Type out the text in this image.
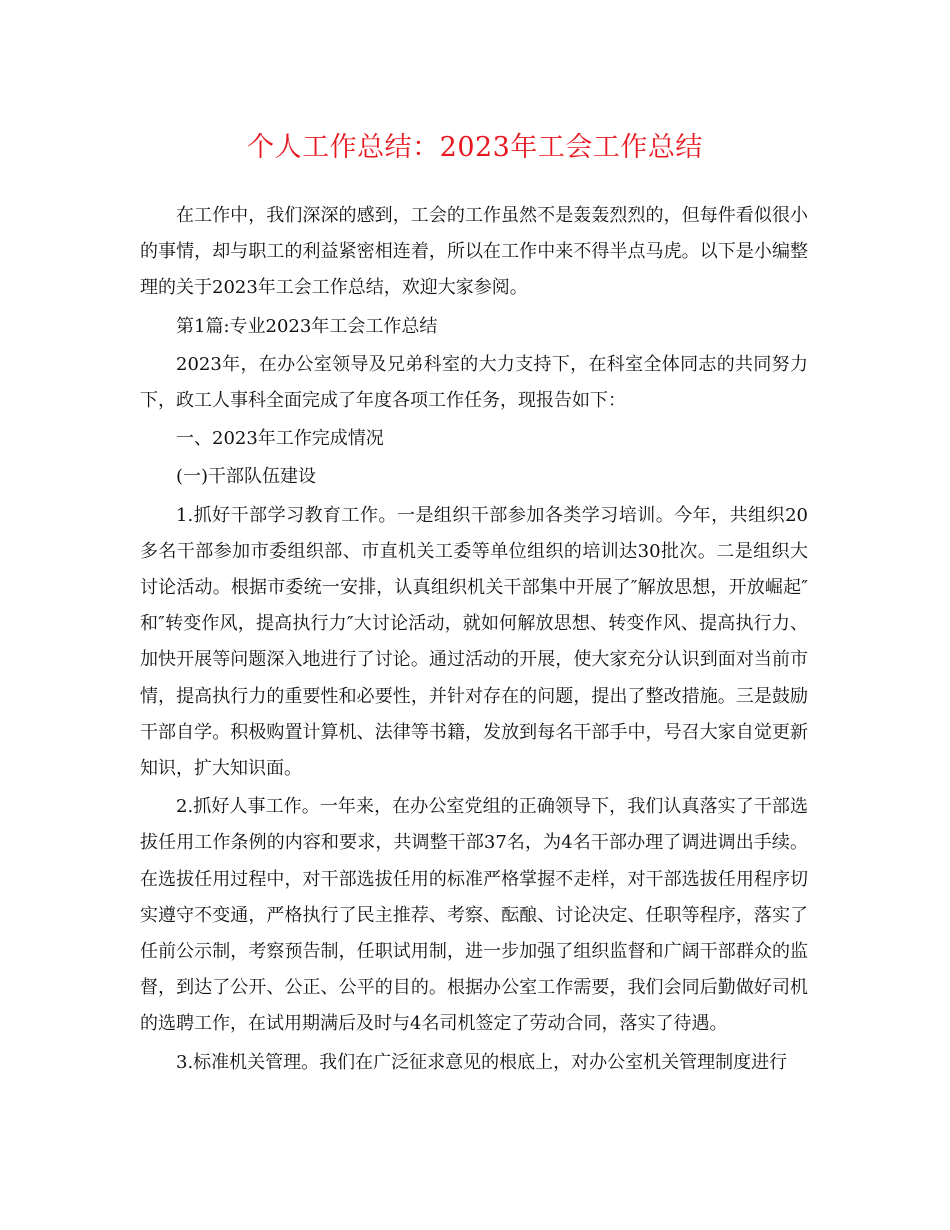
个人工作总结：2023年工会工作总结

在工作中，我们深深的感到，工会的工作虽然不是轰轰烈烈的，但每件看似很小的事情，却与职工的利益紧密相连着，所以在工作中来不得半点马虎。以下是小编整理的关于2023年工会工作总结，欢迎大家参阅。

第1篇:专业2023年工会工作总结

2023年，在办公室领导及兄弟科室的大力支持下，在科室全体同志的共同努力下，政工人事科全面完成了年度各项工作任务，现报告如下：

一、2023年工作完成情况

(一)干部队伍建设

1.抓好干部学习教育工作。一是组织干部参加各类学习培训。今年，共组织20多名干部参加市委组织部、市直机关工委等单位组织的培训达30批次。二是组织大讨论活动。根据市委统一安排，认真组织机关干部集中开展了″解放思想，开放崛起″和″转变作风，提高执行力″大讨论活动，就如何解放思想、转变作风、提高执行力、加快开展等问题深入地进行了讨论。通过活动的开展，使大家充分认识到面对当前市情，提高执行力的重要性和必要性，并针对存在的问题，提出了整改措施。三是鼓励干部自学。积极购置计算机、法律等书籍，发放到每名干部手中，号召大家自觉更新知识，扩大知识面。

2.抓好人事工作。一年来，在办公室党组的正确领导下，我们认真落实了干部选拔任用工作条例的内容和要求，共调整干部37名，为4名干部办理了调进调出手续。在选拔任用过程中，对干部选拔任用的标准严格掌握不走样，对干部选拔任用程序切实遵守不变通，严格执行了民主推荐、考察、酝酿、讨论决定、任职等程序，落实了任前公示制，考察预告制，任职试用制，进一步加强了组织监督和广阔干部群众的监督，到达了公开、公正、公平的目的。根据办公室工作需要，我们会同后勤做好司机的选聘工作，在试用期满后及时与4名司机签定了劳动合同，落实了待遇。

3.标准机关管理。我们在广泛征求意见的根底上，对办公室机关管理制度进行
